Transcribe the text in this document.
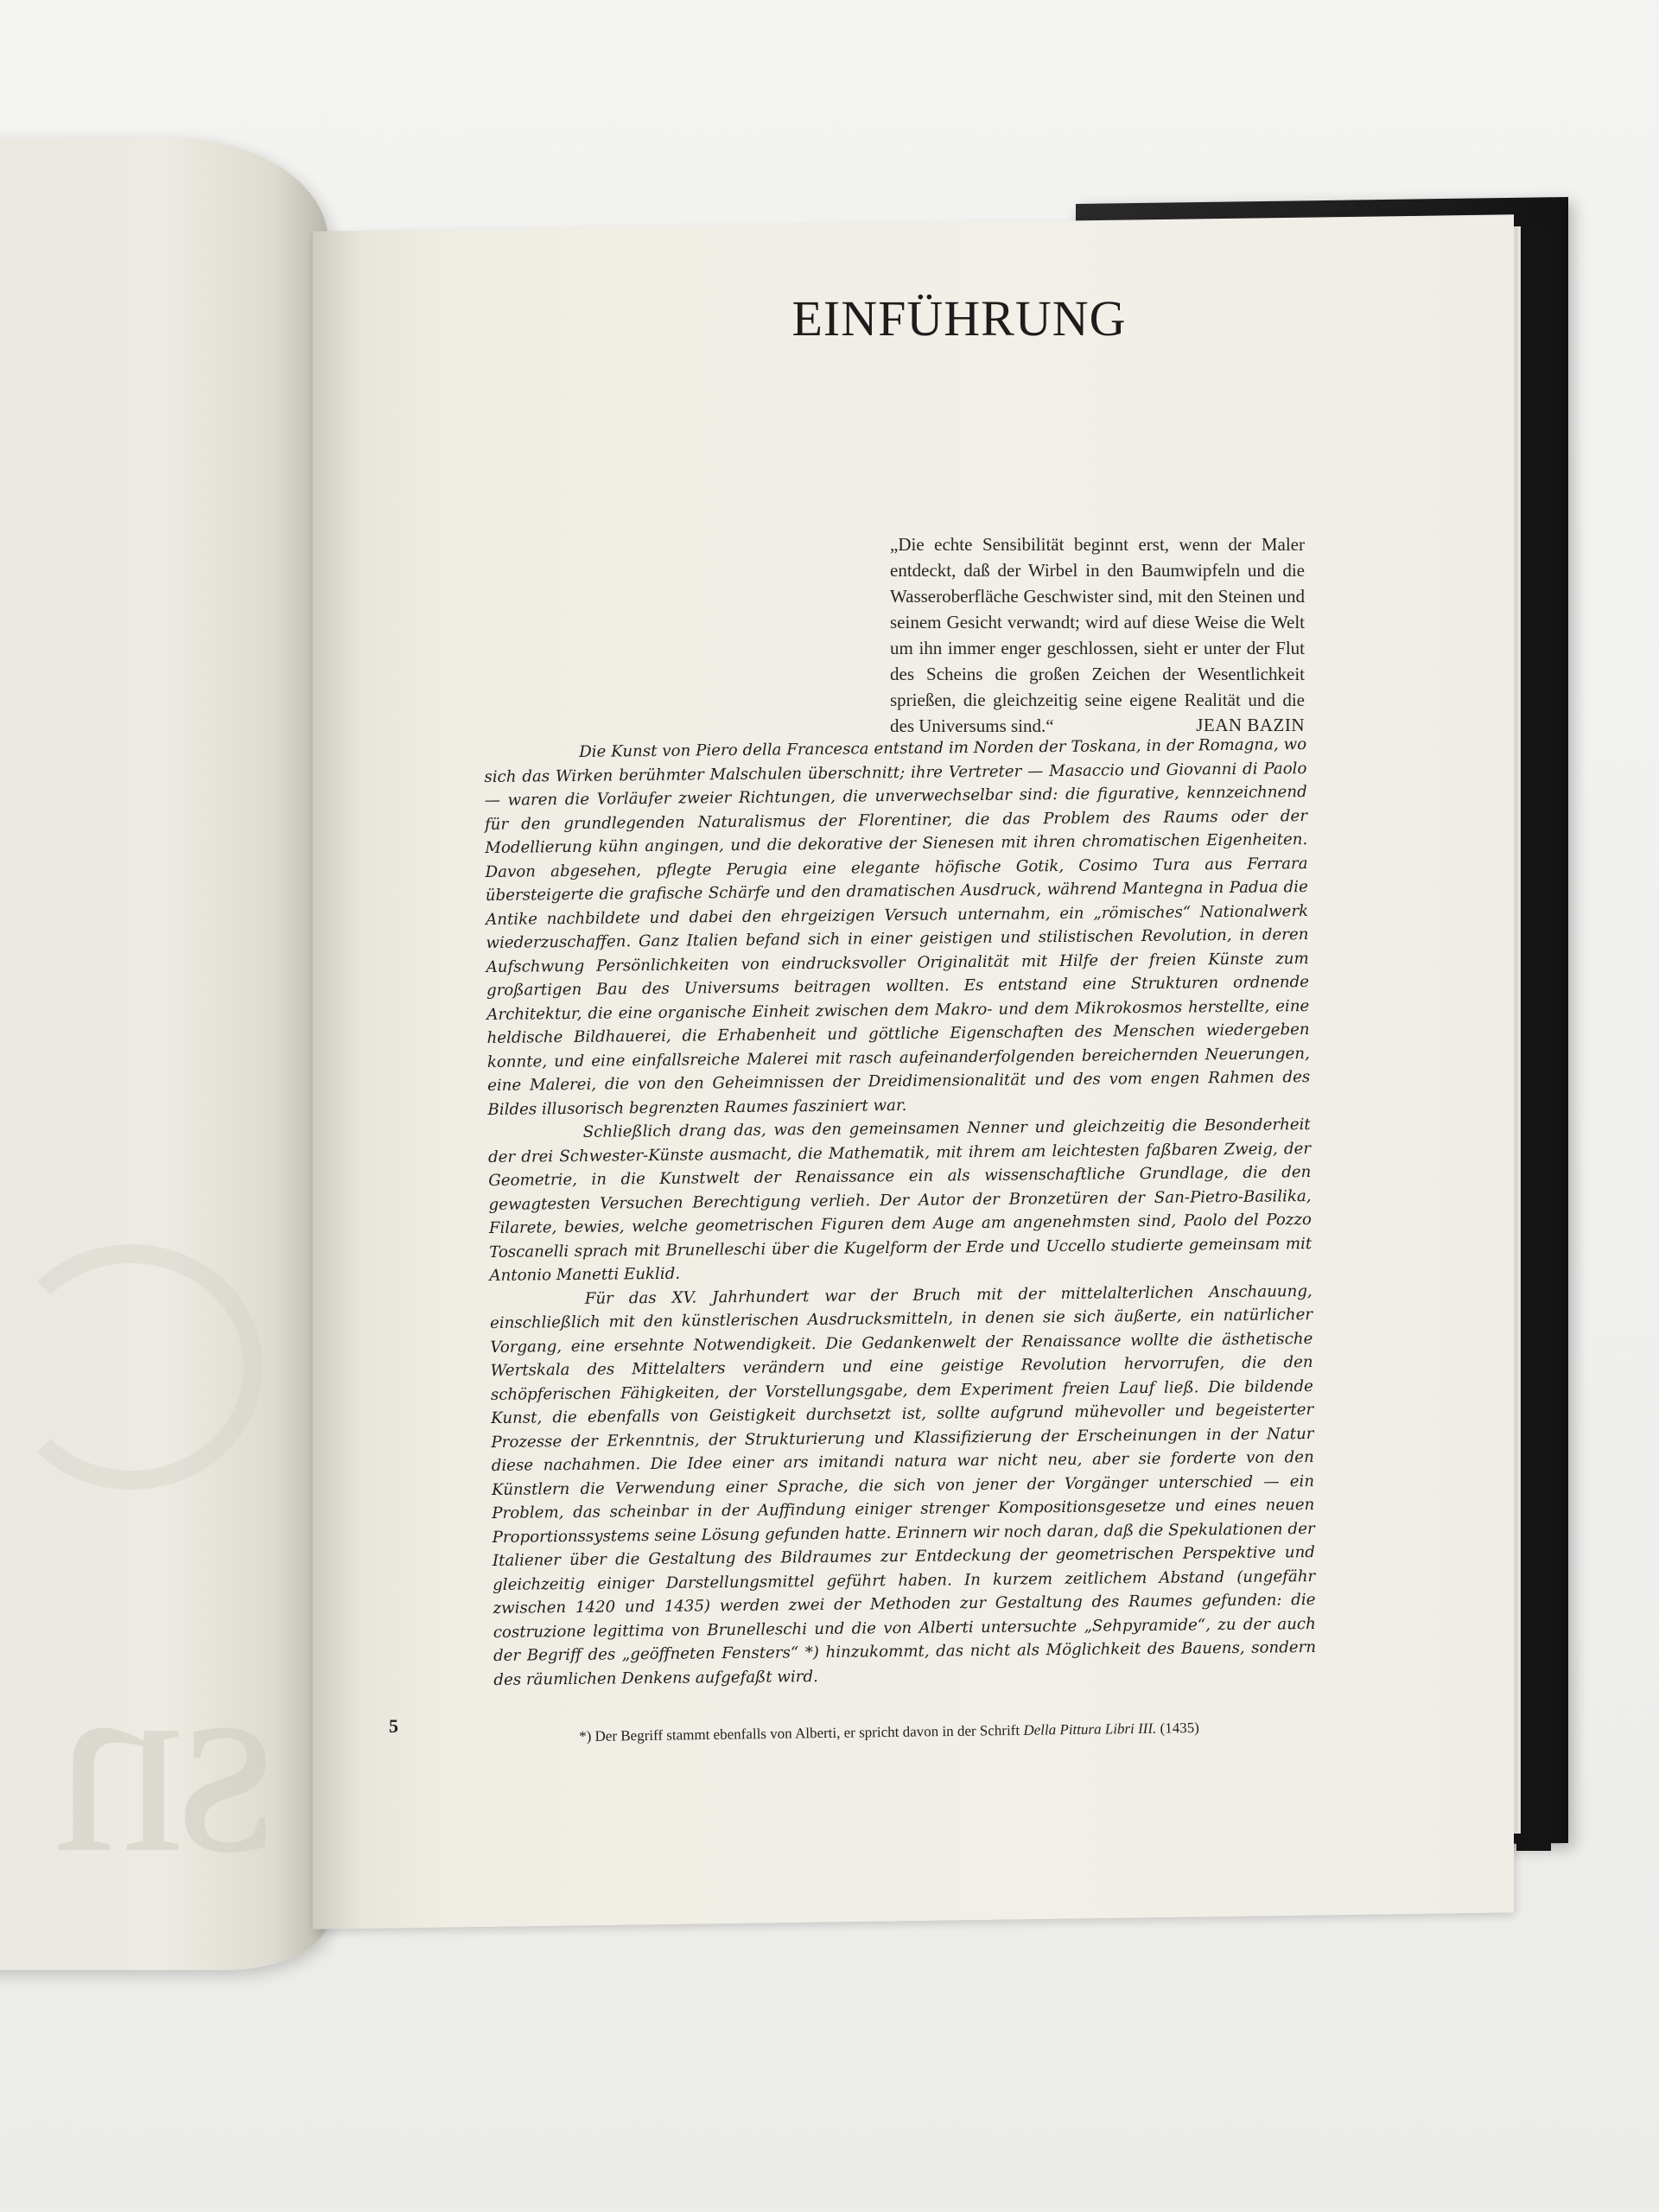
sn
EINFÜHRUNG
„Die echte Sensibilität beginnt erst, wenn der Maler entdeckt, daß der Wirbel in den Baumwipfeln und die Wasseroberfläche Geschwister sind, mit den Steinen und seinem Gesicht verwandt; wird auf diese Weise die Welt um ihn immer enger geschlossen, sieht er unter der Flut des Scheins die großen Zeichen der Wesentlichkeit sprießen, die gleichzeitig seine eigene Realität und die des Universums sind.“	JEAN BAZIN

Die Kunst von Piero della Francesca entstand im Norden der Toskana, in der Romagna, wo sich das Wirken berühmter Malschulen überschnitt; ihre Vertreter — Masaccio und Giovanni di Paolo — waren die Vorläufer zweier Richtungen, die unverwechselbar sind: die figurative, kennzeichnend für den grundlegenden Naturalismus der Florentiner, die das Problem des Raums oder der Modellierung kühn angingen, und die dekorative der Sienesen mit ihren chromatischen Eigenheiten. Davon abgesehen, pflegte Perugia eine elegante höfische Gotik, Cosimo Tura aus Ferrara übersteigerte die grafische Schärfe und den dramatischen Ausdruck, während Mantegna in Padua die Antike nachbildete und dabei den ehrgeizigen Versuch unternahm, ein „römisches“ Nationalwerk wiederzuschaffen. Ganz Italien befand sich in einer geistigen und stilistischen Revolution, in deren Aufschwung Persönlichkeiten von eindrucksvoller Originalität mit Hilfe der freien Künste zum großartigen Bau des Universums beitragen wollten. Es entstand eine Strukturen ordnende Architektur, die eine organische Einheit zwischen dem Makro- und dem Mikrokosmos herstellte, eine heldische Bildhauerei, die Erhabenheit und göttliche Eigenschaften des Menschen wiedergeben konnte, und eine einfallsreiche Malerei mit rasch aufeinanderfolgenden bereichernden Neuerungen, eine Malerei, die von den Geheimnissen der Dreidimensionalität und des vom engen Rahmen des Bildes illusorisch begrenzten Raumes fasziniert war.

Schließlich drang das, was den gemeinsamen Nenner und gleichzeitig die Besonderheit der drei Schwester-Künste ausmacht, die Mathematik, mit ihrem am leichtesten faßbaren Zweig, der Geometrie, in die Kunstwelt der Renaissance ein als wissenschaftliche Grundlage, die den gewagtesten Versuchen Berechtigung verlieh. Der Autor der Bronzetüren der San-Pietro-Basilika, Filarete, bewies, welche geometrischen Figuren dem Auge am angenehmsten sind, Paolo del Pozzo Toscanelli sprach mit Brunelleschi über die Kugelform der Erde und Uccello studierte gemeinsam mit Antonio Manetti Euklid.

Für das XV. Jahrhundert war der Bruch mit der mittelalterlichen Anschauung, einschließlich mit den künstlerischen Ausdrucksmitteln, in denen sie sich äußerte, ein natürlicher Vorgang, eine ersehnte Notwendigkeit. Die Gedankenwelt der Renaissance wollte die ästhetische Wertskala des Mittelalters verändern und eine geistige Revolution hervorrufen, die den schöpferischen Fähigkeiten, der Vorstellungsgabe, dem Experiment freien Lauf ließ. Die bildende Kunst, die ebenfalls von Geistigkeit durchsetzt ist, sollte aufgrund mühevoller und begeisterter Prozesse der Erkenntnis, der Strukturierung und Klassifizierung der Erscheinungen in der Natur diese nachahmen. Die Idee einer ars imitandi natura war nicht neu, aber sie forderte von den Künstlern die Verwendung einer Sprache, die sich von jener der Vorgänger unterschied — ein Problem, das scheinbar in der Auffindung einiger strenger Kompositionsgesetze und eines neuen Proportionssystems seine Lösung gefunden hatte. Erinnern wir noch daran, daß die Spekulationen der Italiener über die Gestaltung des Bildraumes zur Entdeckung der geometrischen Perspektive und gleichzeitig einiger Darstellungsmittel geführt haben. In kurzem zeitlichem Abstand (ungefähr zwischen 1420 und 1435) werden zwei der Methoden zur Gestaltung des Raumes gefunden: die costruzione legittima von Brunelleschi und die von Alberti untersuchte „Sehpyramide“, zu der auch der Begriff des „geöffneten Fensters“ *) hinzukommt, das nicht als Möglichkeit des Bauens, sondern des räumlichen Denkens aufgefaßt wird.

5	*) Der Begriff stammt ebenfalls von Alberti, er spricht davon in der Schrift Della Pittura Libri III. (1435)
